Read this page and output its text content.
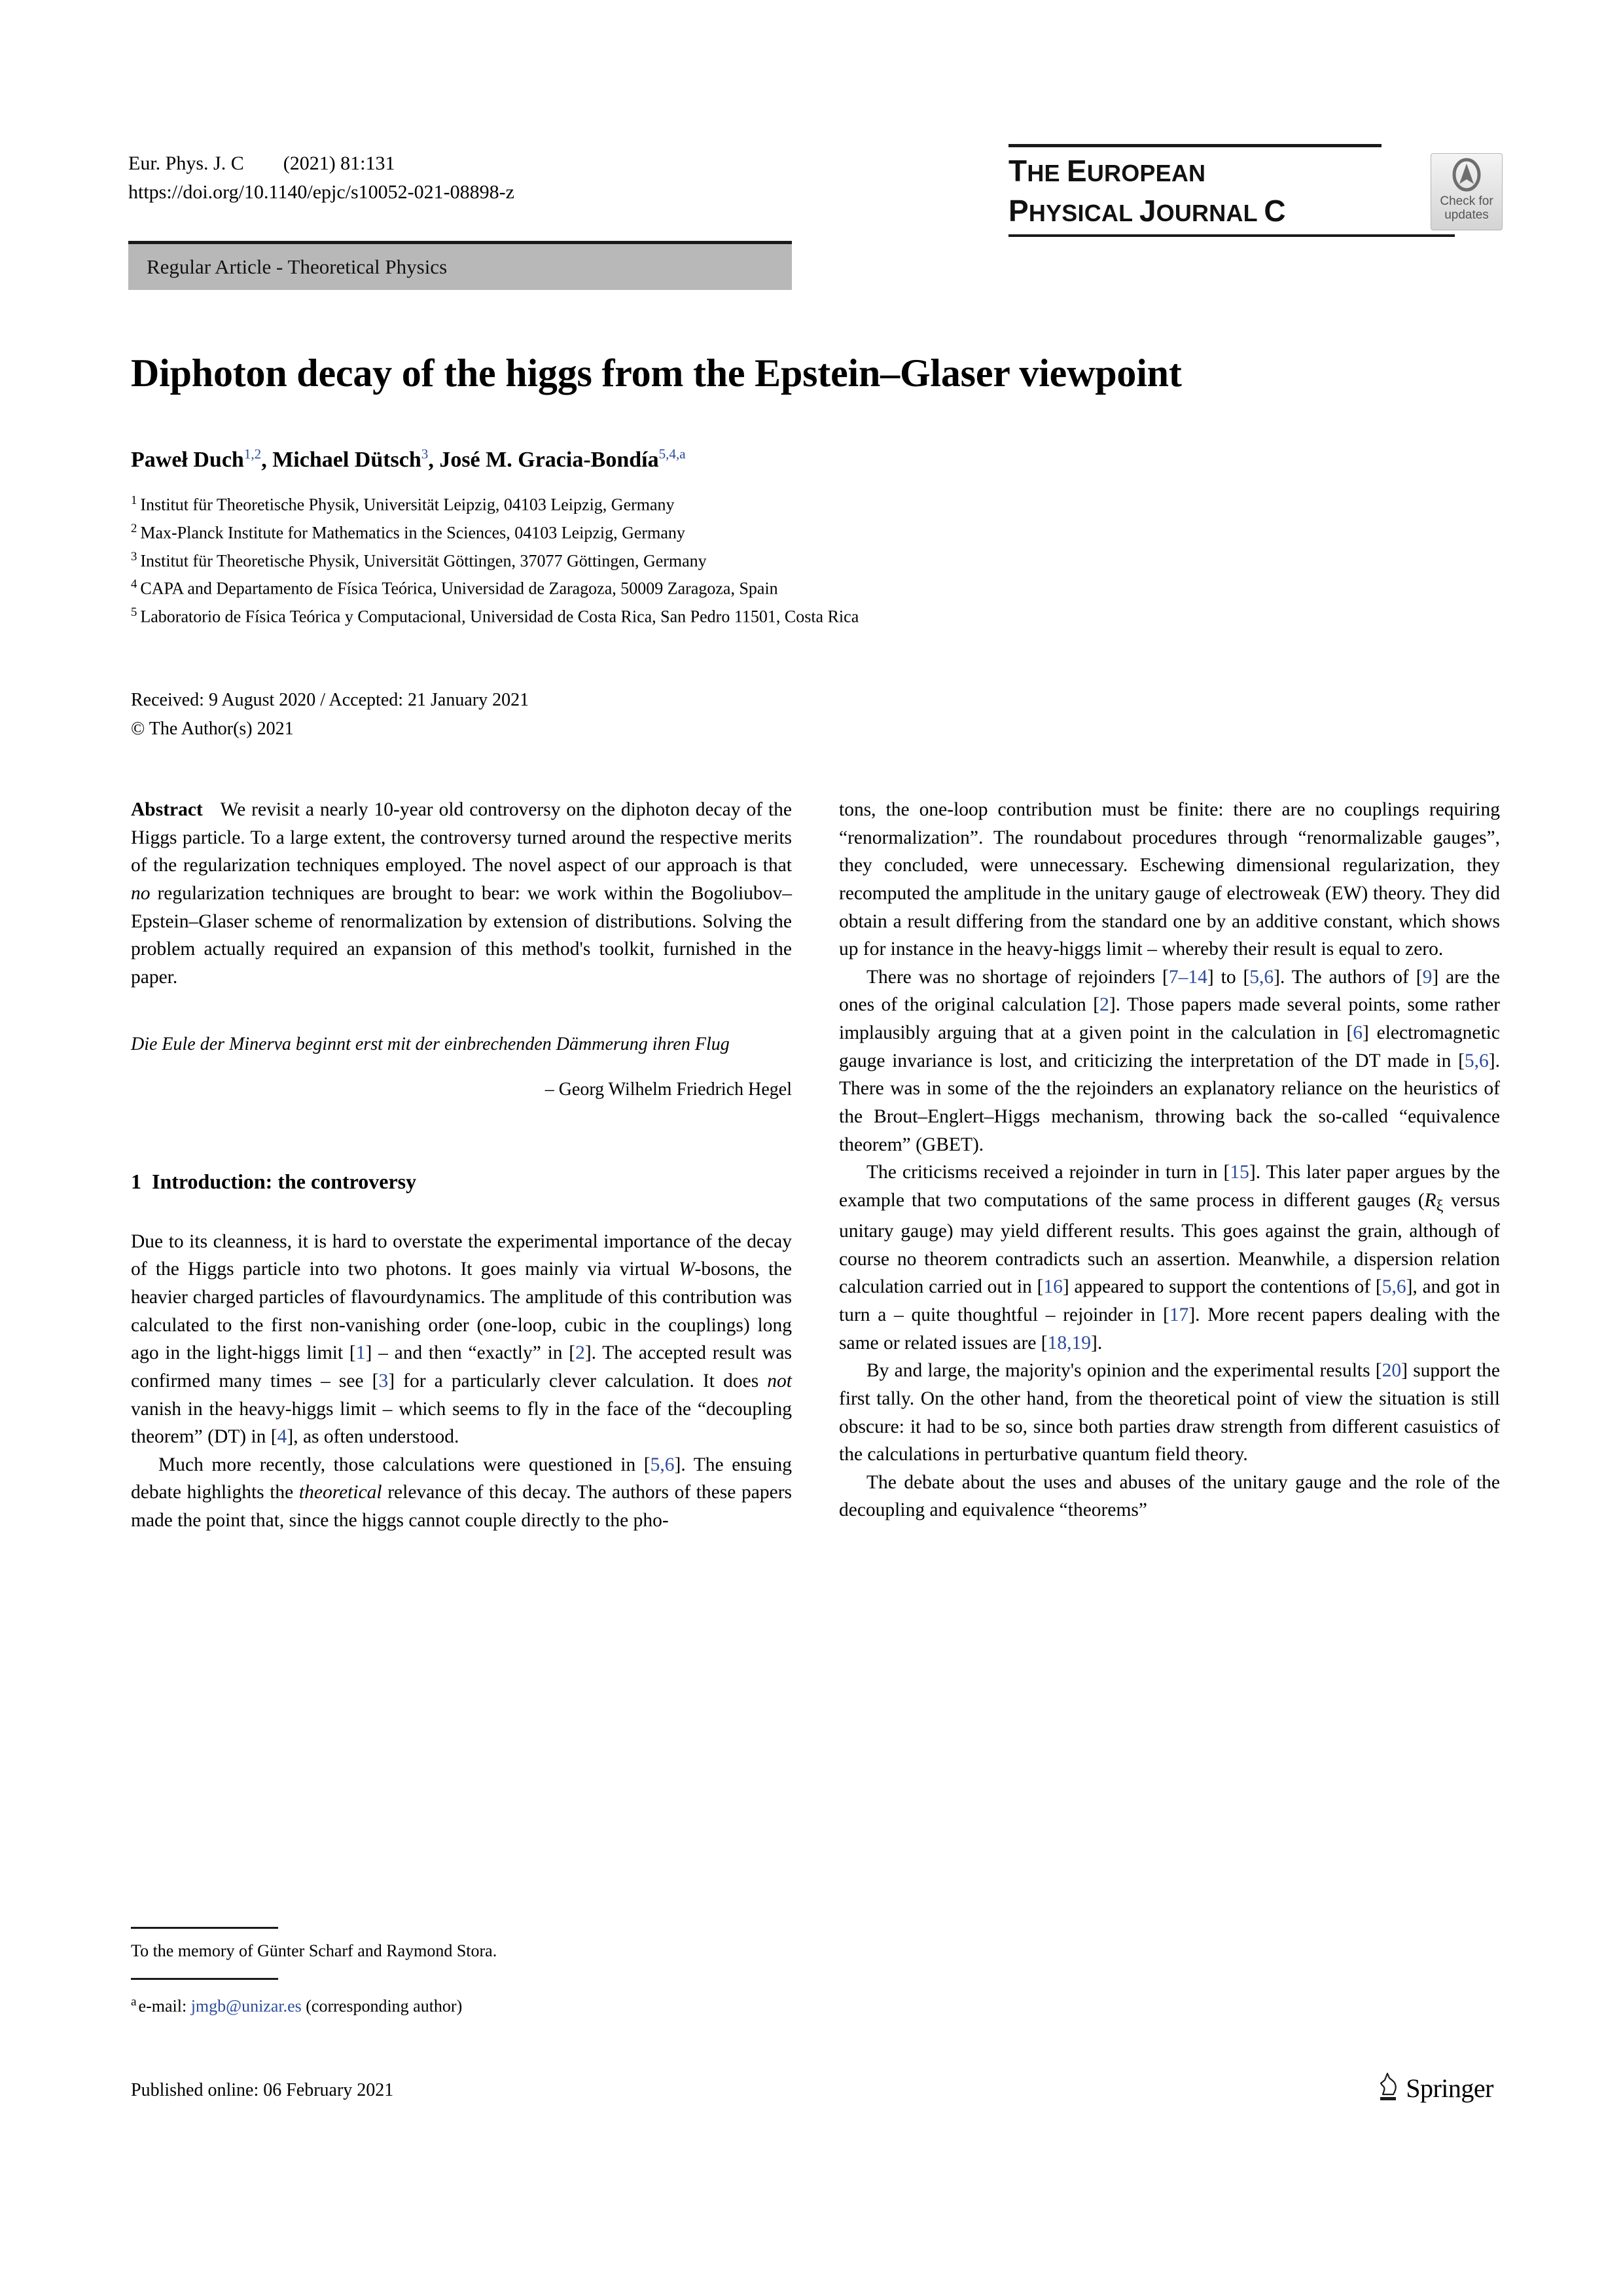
Eur. Phys. J. C        (2021) 81:131
https://doi.org/10.1140/epjc/s10052-021-08898-z
THE EUROPEAN
PHYSICAL JOURNAL C	Check for
updates
Regular Article - Theoretical Physics
Diphoton decay of the higgs from the Epstein–Glaser viewpoint
Paweł Duch$^{1,2}$, Michael Dütsch$^3$, José M. Gracia-Bondía$^{5,4,a}$
$^1$ Institut für Theoretische Physik, Universität Leipzig, 04103 Leipzig, Germany
$^2$ Max-Planck Institute for Mathematics in the Sciences, 04103 Leipzig, Germany
$^3$ Institut für Theoretische Physik, Universität Göttingen, 37077 Göttingen, Germany
$^4$ CAPA and Departamento de Física Teórica, Universidad de Zaragoza, 50009 Zaragoza, Spain
$^5$ Laboratorio de Física Teórica y Computacional, Universidad de Costa Rica, San Pedro 11501, Costa Rica
Received: 9 August 2020 / Accepted: 21 January 2021
© The Author(s) 2021

Abstract We revisit a nearly 10-year old controversy on the diphoton decay of the Higgs particle. To a large extent, the controversy turned around the respective merits of the regularization techniques employed. The novel aspect of our approach is that no regularization techniques are brought to bear: we work within the Bogoliubov–Epstein–Glaser scheme of renormalization by extension of distributions. Solving the problem actually required an expansion of this method's toolkit, furnished in the paper.

Die Eule der Minerva beginnt erst mit der einbrechenden Dämmerung ihren Flug
– Georg Wilhelm Friedrich Hegel
1 Introduction: the controversy

Due to its cleanness, it is hard to overstate the experimental importance of the decay of the Higgs particle into two photons. It goes mainly via virtual W-bosons, the heavier charged particles of flavourdynamics. The amplitude of this contribution was calculated to the first non-vanishing order (one-loop, cubic in the couplings) long ago in the light-higgs limit [1] – and then “exactly” in [2]. The accepted result was confirmed many times – see [3] for a particularly clever calculation. It does not vanish in the heavy-higgs limit – which seems to fly in the face of the “decoupling theorem” (DT) in [4], as often understood.

Much more recently, those calculations were questioned in [5,6]. The ensuing debate highlights the theoretical relevance of this decay. The authors of these papers made the point that, since the higgs cannot couple directly to the pho-

tons, the one-loop contribution must be finite: there are no couplings requiring “renormalization”. The roundabout procedures through “renormalizable gauges”, they concluded, were unnecessary. Eschewing dimensional regularization, they recomputed the amplitude in the unitary gauge of electroweak (EW) theory. They did obtain a result differing from the standard one by an additive constant, which shows up for instance in the heavy-higgs limit – whereby their result is equal to zero.

There was no shortage of rejoinders [7–14] to [5,6]. The authors of [9] are the ones of the original calculation [2]. Those papers made several points, some rather implausibly arguing that at a given point in the calculation in [6] electromagnetic gauge invariance is lost, and criticizing the interpretation of the DT made in [5,6]. There was in some of the the rejoinders an explanatory reliance on the heuristics of the Brout–Englert–Higgs mechanism, throwing back the so-called “equivalence theorem” (GBET).

The criticisms received a rejoinder in turn in [15]. This later paper argues by the example that two computations of the same process in different gauges ($R_\xi$ versus unitary gauge) may yield different results. This goes against the grain, although of course no theorem contradicts such an assertion. Meanwhile, a dispersion relation calculation carried out in [16] appeared to support the contentions of [5,6], and got in turn a – quite thoughtful – rejoinder in [17]. More recent papers dealing with the same or related issues are [18,19].

By and large, the majority's opinion and the experimental results [20] support the first tally. On the other hand, from the theoretical point of view the situation is still obscure: it had to be so, since both parties draw strength from different casuistics of the calculations in perturbative quantum field theory.

The debate about the uses and abuses of the unitary gauge and the role of the decoupling and equivalence “theorems”

To the memory of Günter Scharf and Raymond Stora.
$^a$ e-mail: jmgb@unizar.es (corresponding author)
Published online: 06 February 2021	Springer
